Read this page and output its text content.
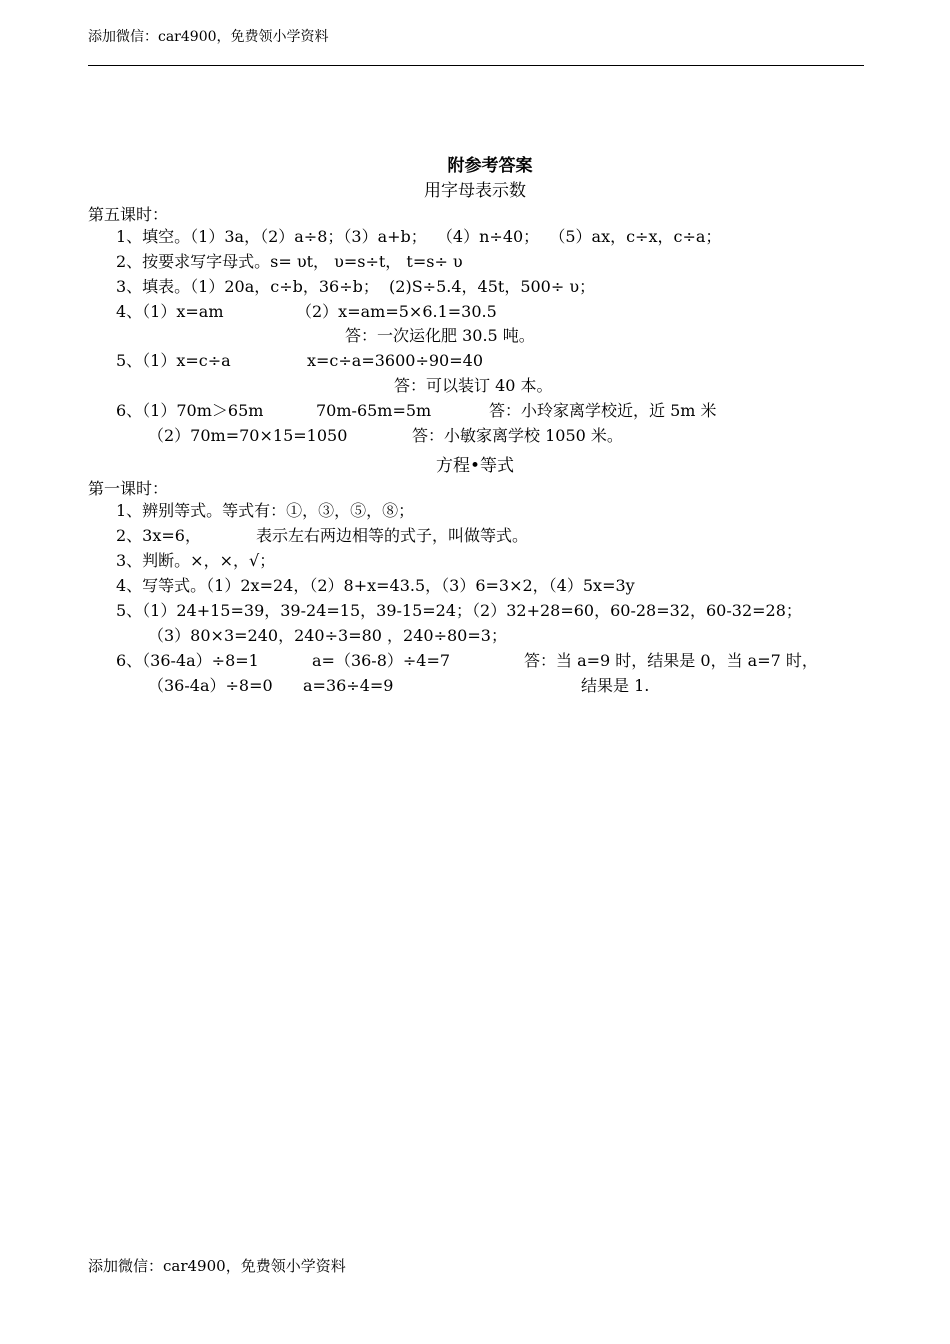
添加微信：car4900，免费领小学资料
附参考答案
用字母表示数
第五课时：
1、填空。（1）3a，（2）a÷8；（3）a+b；  （4）n÷40；  （5）ax，c÷x，c÷a；
2、按要求写字母式。s= υt， υ=s÷t， t=s÷ υ
3、填表。（1）20a，c÷b，36÷b；  (2)S÷5.4，45t，500÷ υ；
4、（1）x=am	（2）x=am=5×6.1=30.5
答：一次运化肥 30.5 吨。
5、（1）x=c÷a	x=c÷a=3600÷90=40
答：可以装订 40 本。
6、（1）70m＞65m	70m-65m=5m	答：小玲家离学校近，近 5m 米
（2）70m=70×15=1050	答：小敏家离学校 1050 米。
方程•等式
第一课时：
1、辨别等式。等式有：①，③，⑤，⑧；
2、3x=6，	表示左右两边相等的式子，叫做等式。
3、判断。×，×，√；
4、写等式。（1）2x=24，（2）8+x=43.5，（3）6=3×2，（4）5x=3y
5、（1）24+15=39，39-24=15，39-15=24；（2）32+28=60，60-28=32，60-32=28；
（3）80×3=240，240÷3=80 ，240÷80=3；
6、（36-4a）÷8=1	a=（36-8）÷4=7	答：当 a=9 时，结果是 0，当 a=7 时，
（36-4a）÷8=0 a=36÷4=9	结果是 1.
添加微信：car4900，免费领小学资料
